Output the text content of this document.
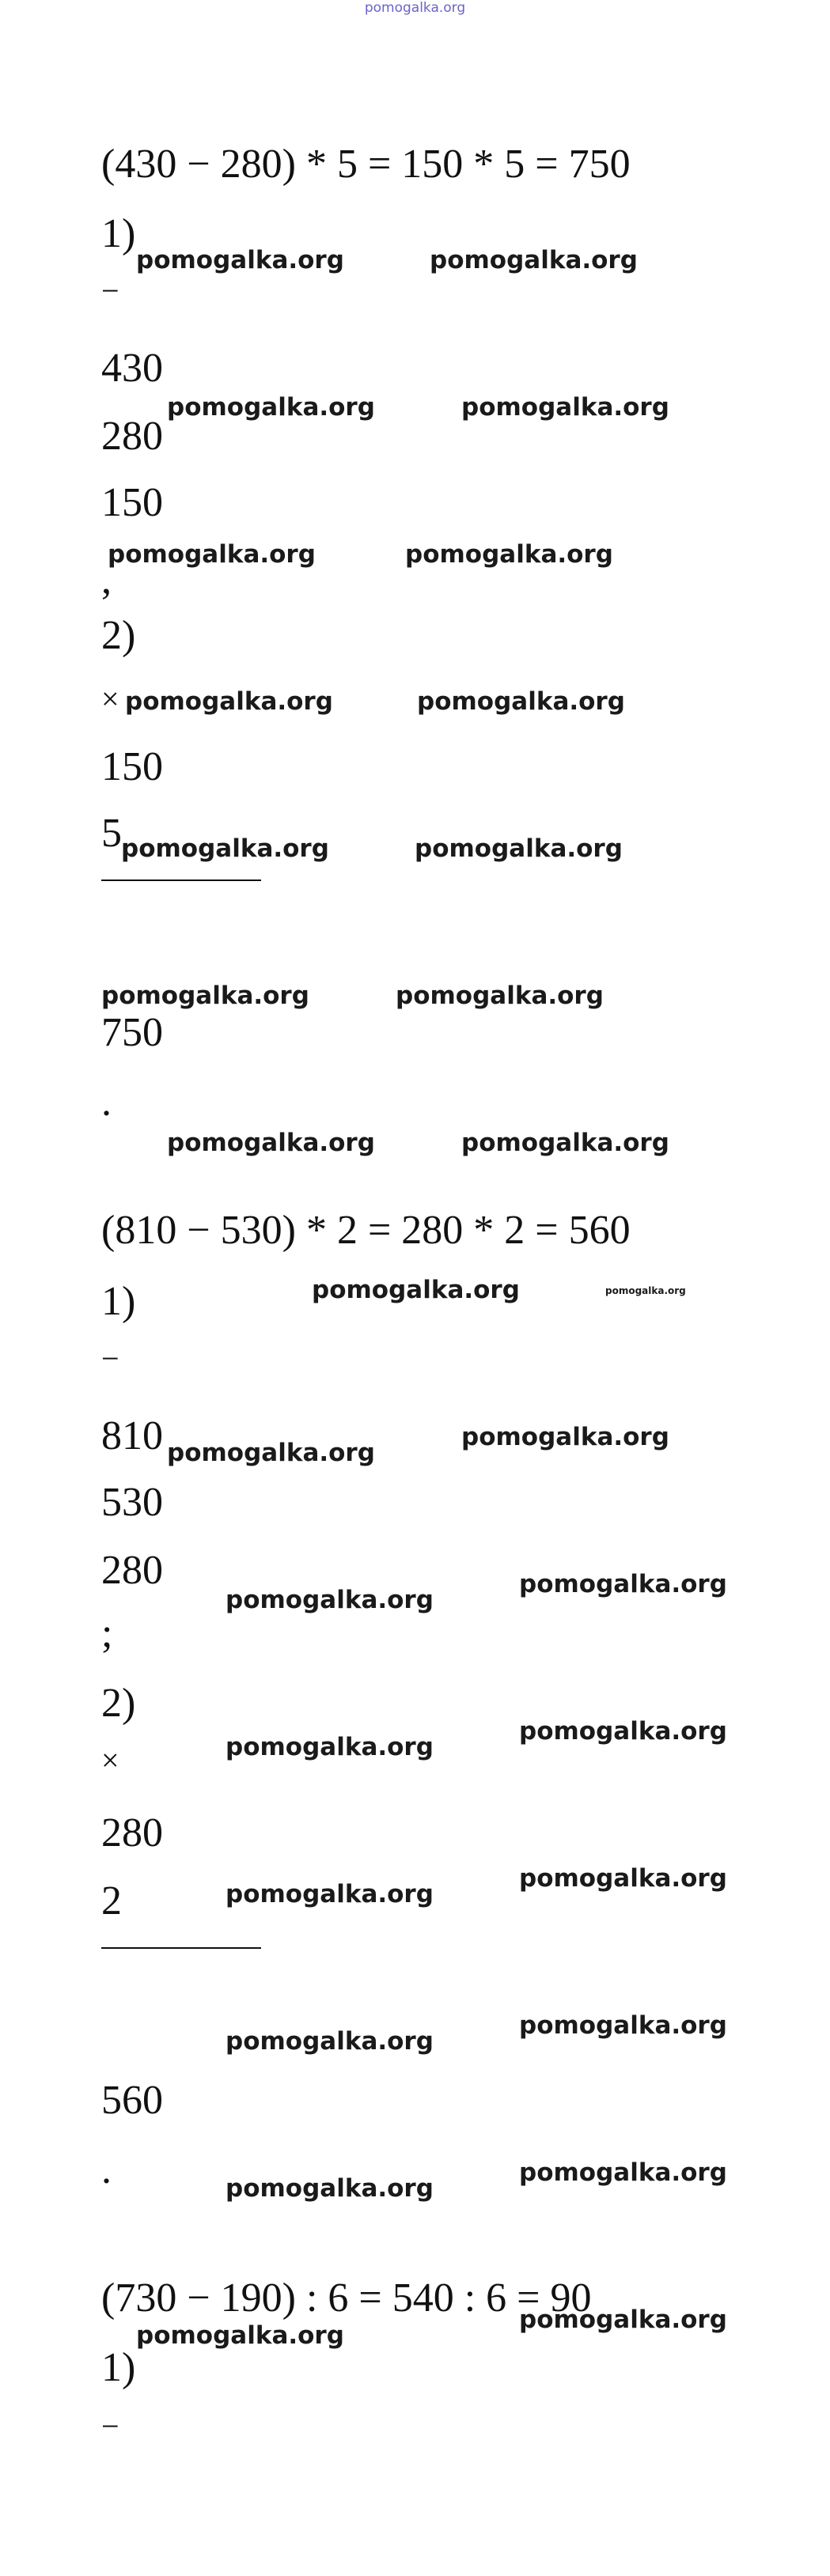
pomogalka.org
(430 − 280) * 5 = 150 * 5 = 750
1)
−
430
280
150
,
2)
×
150
5
750
.
(810 − 530) * 2 = 280 * 2 = 560
1)
−
810
530
280
;
2)
×
280
2
560
.
(730 − 190) : 6 = 540 : 6 = 90
1)
−
pomogalka.org	pomogalka.org
pomogalka.org	pomogalka.org
pomogalka.org	pomogalka.org
pomogalka.org	pomogalka.org
pomogalka.org	pomogalka.org
pomogalka.org	pomogalka.org
pomogalka.org	pomogalka.org
pomogalka.org	pomogalka.org
pomogalka.org
pomogalka.org
pomogalka.org
pomogalka.org
pomogalka.org
pomogalka.org
pomogalka.org
pomogalka.org
pomogalka.org
pomogalka.org
pomogalka.org
pomogalka.org
pomogalka.org
pomogalka.org
